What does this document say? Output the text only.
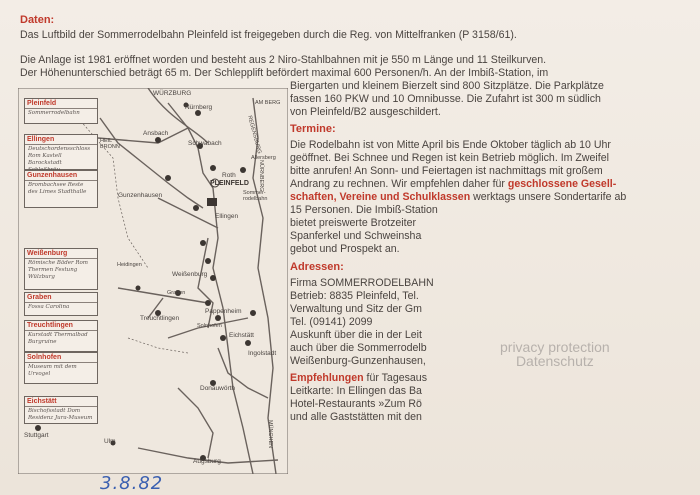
Daten:
Das Luftbild der Sommerrodelbahn Pleinfeld ist freigegeben durch die Reg. von Mittelfranken (P 3158/61).
Die Anlage ist 1981 eröffnet worden und besteht aus 2 Niro-Stahlbahnen mit je 550 m Länge und 11 Steilkurven.
Der Höhenunterschied beträgt 65 m. Der Schlepplift befördert maximal 600 Personen/h. An der Imbiß-Station, im
Biergarten und kleinem Bierzelt sind 800 Sitzplätze. Die Parkplätze
fassen 160 PKW und 10 Omnibusse. Die Zufahrt ist 300 m südlich
von Pleinfeld/B2 ausgeschildert.
Termine:
Die Rodelbahn ist von Mitte April bis Ende Oktober täglich ab 10 Uhr
geöffnet. Bei Schnee und Regen ist kein Betrieb möglich. Im Zweifel
bitte anrufen! An Sonn- und Feiertagen ist nachmittags mit großem
Andrang zu rechnen. Wir empfehlen daher für geschlossene Gesell-
schaften, Vereine und Schulklassen werktags unsere Sondertarife ab
15 Personen. Die Imbiß-Station
bietet preiswerte Brotzeiter
Spanferkel und Schweinsha
gebot und Prospekt an.
Adressen:
Firma SOMMERRODELBAHN
Betrieb: 8835 Pleinfeld, Tel.
Verwaltung und Sitz der Gm
Tel. (09141) 2099
Auskunft über die in der Leit
auch über die Sommerrodelb
Weißenburg-Gunzenhausen,
Empfehlungen für Tagesaus
Leitkarte: In Ellingen das Ba
Hotel-Restaurants »Zum Rö
und alle Gaststätten mit den
privacy protection
Datenschutz
Pleinfeld
Sommerrodelbahn
Ellingen
Deutschordensschloss Rom Kastell Barockstadt
Gunzenhausen
Brombachsee Reste des Limes Stadthalle
Weißenburg
Römische Bäder Rom Thermen Festung Wülzburg
Graben
Fossa Carolina
Treuchtlingen
Kurstadt Thermalbad Burgruine
Solnhofen
Museum mit dem Urvogel
Eichstätt
Bischofsstadt Dom Residenz Jura-Museum
WÜRZBURG
Nürnberg
AM BERG
Ansbach
Schwabach
HEIL BRONN
Roth
Allersberg
REGENSBURG
Gunzenhausen
PLEINFELD
Sommer-rodelbahn
Ellingen
Weißenburg
Heidingen
Treuchtlingen
Graben
Pappenheim
Solnhofen
Eichstätt
Ingolstadt
Donauwörth
Stuttgart
Ulm
Augsburg
MÜNCHEN
NÜRNBERG
3.8.82
